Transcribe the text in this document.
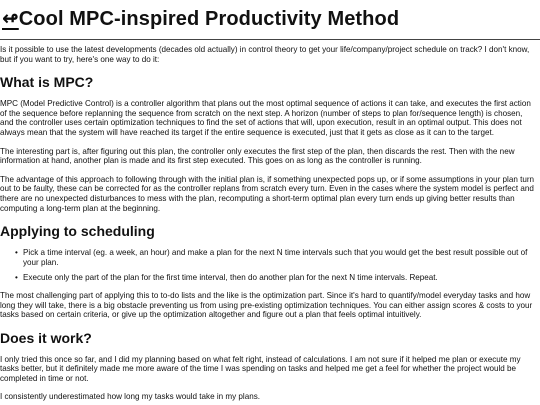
↫ Cool MPC-inspired Productivity Method

Is it possible to use the latest developments (decades old actually) in control theory to get your life/company/project schedule on track? I don't know, but if you want to try, here's one way to do it:

What is MPC?

MPC (Model Predictive Control) is a controller algorithm that plans out the most optimal sequence of actions it can take, and executes the first action of the sequence before replanning the sequence from scratch on the next step. A horizon (number of steps to plan for/sequence length) is chosen, and the controller uses certain optimization techniques to find the set of actions that will, upon execution, result in an optimal output. This does not always mean that the system will have reached its target if the entire sequence is executed, just that it gets as close as it can to the target.

The interesting part is, after figuring out this plan, the controller only executes the first step of the plan, then discards the rest. Then with the new information at hand, another plan is made and its first step executed. This goes on as long as the controller is running.

The advantage of this approach to following through with the initial plan is, if something unexpected pops up, or if some assumptions in your plan turn out to be faulty, these can be corrected for as the controller replans from scratch every turn. Even in the cases where the system model is perfect and there are no unexpected disturbances to mess with the plan, recomputing a short-term optimal plan every turn ends up giving better results than computing a long-term plan at the beginning.

Applying to scheduling
• Pick a time interval (eg. a week, an hour) and make a plan for the next N time intervals such that you would get the best result possible out of your plan.
• Execute only the part of the plan for the first time interval, then do another plan for the next N time intervals. Repeat.

The most challenging part of applying this to to-do lists and the like is the optimization part. Since it's hard to quantify/model everyday tasks and how long they will take, there is a big obstacle preventing us from using pre-existing optimization techniques. You can either assign scores & costs to your tasks based on certain criteria, or give up the optimization altogether and figure out a plan that feels optimal intuitively.

Does it work?

I only tried this once so far, and I did my planning based on what felt right, instead of calculations. I am not sure if it helped me plan or execute my tasks better, but it definitely made me more aware of the time I was spending on tasks and helped me get a feel for whether the project would be completed in time or not.

I consistently underestimated how long my tasks would take in my plans.
